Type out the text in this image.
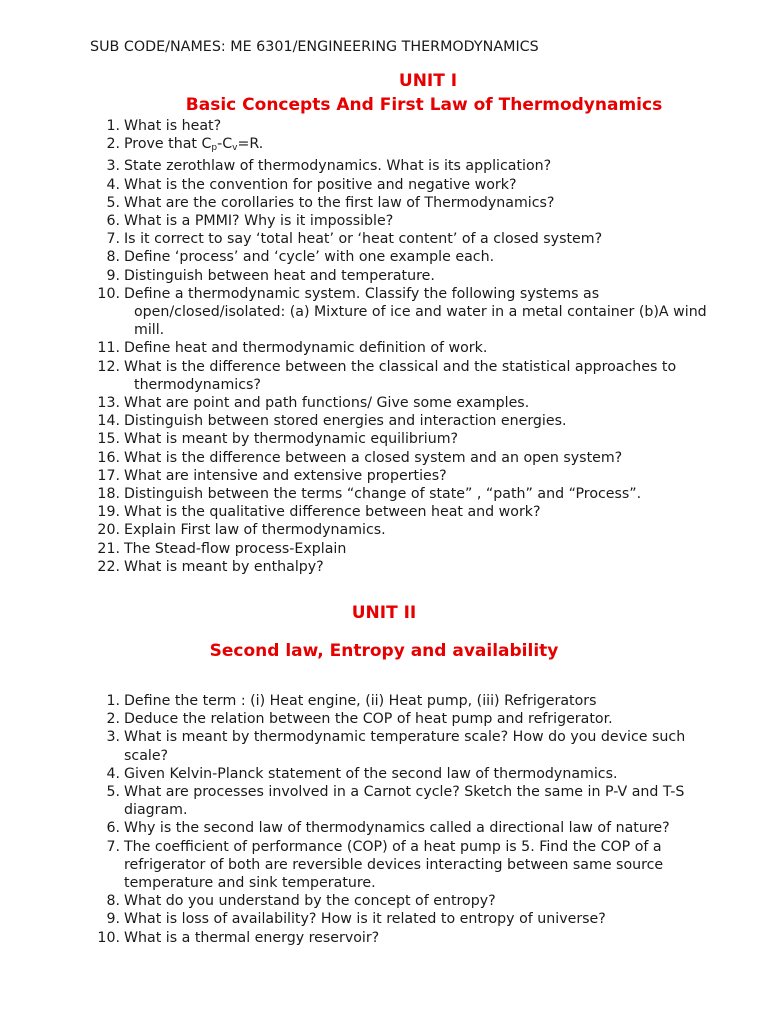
SUB CODE/NAMES: ME 6301/ENGINEERING THERMODYNAMICS
UNIT I
Basic Concepts And First Law of Thermodynamics
1. What is heat?
2. Prove that $C_p-C_v=R$.
3. State zerothlaw of thermodynamics. What is its application?
4. What is the convention for positive and negative work?
5. What are the corollaries to the first law of Thermodynamics?
6. What is a PMMI? Why is it impossible?
7. Is it correct to say ‘total heat’ or ‘heat content’ of a closed system?
8. Define ‘process’ and ‘cycle’ with one example each.
9. Distinguish between heat and temperature.
10. Define a thermodynamic system. Classify the following systems as open/closed/isolated: (a) Mixture of ice and water in a metal container (b)A wind mill.
11. Define heat and thermodynamic definition of work.
12. What is the difference between the classical and the statistical approaches to thermodynamics?
13. What are point and path functions/ Give some examples.
14. Distinguish between stored energies and interaction energies.
15. What is meant by thermodynamic equilibrium?
16. What is the difference between a closed system and an open system?
17. What are intensive and extensive properties?
18. Distinguish between the terms “change of state” , “path” and “Process”.
19. What is the qualitative difference between heat and work?
20. Explain First law of thermodynamics.
21. The Stead-flow process-Explain
22. What is meant by enthalpy?
UNIT II
Second law, Entropy and availability
1. Define the term : (i) Heat engine, (ii) Heat pump, (iii) Refrigerators
2. Deduce the relation between the COP of heat pump and refrigerator.
3. What is meant by thermodynamic temperature scale? How do you device such scale?
4. Given Kelvin-Planck statement of the second law of thermodynamics.
5. What are processes involved in a Carnot cycle? Sketch the same in P-V and T-S diagram.
6. Why is the second law of thermodynamics called a directional law of nature?
7. The coefficient of performance (COP) of a heat pump is 5. Find the COP of a refrigerator of both are reversible devices interacting between same source temperature and sink temperature.
8. What do you understand by the concept of entropy?
9. What is loss of availability? How is it related to entropy of universe?
10. What is a thermal energy reservoir?
